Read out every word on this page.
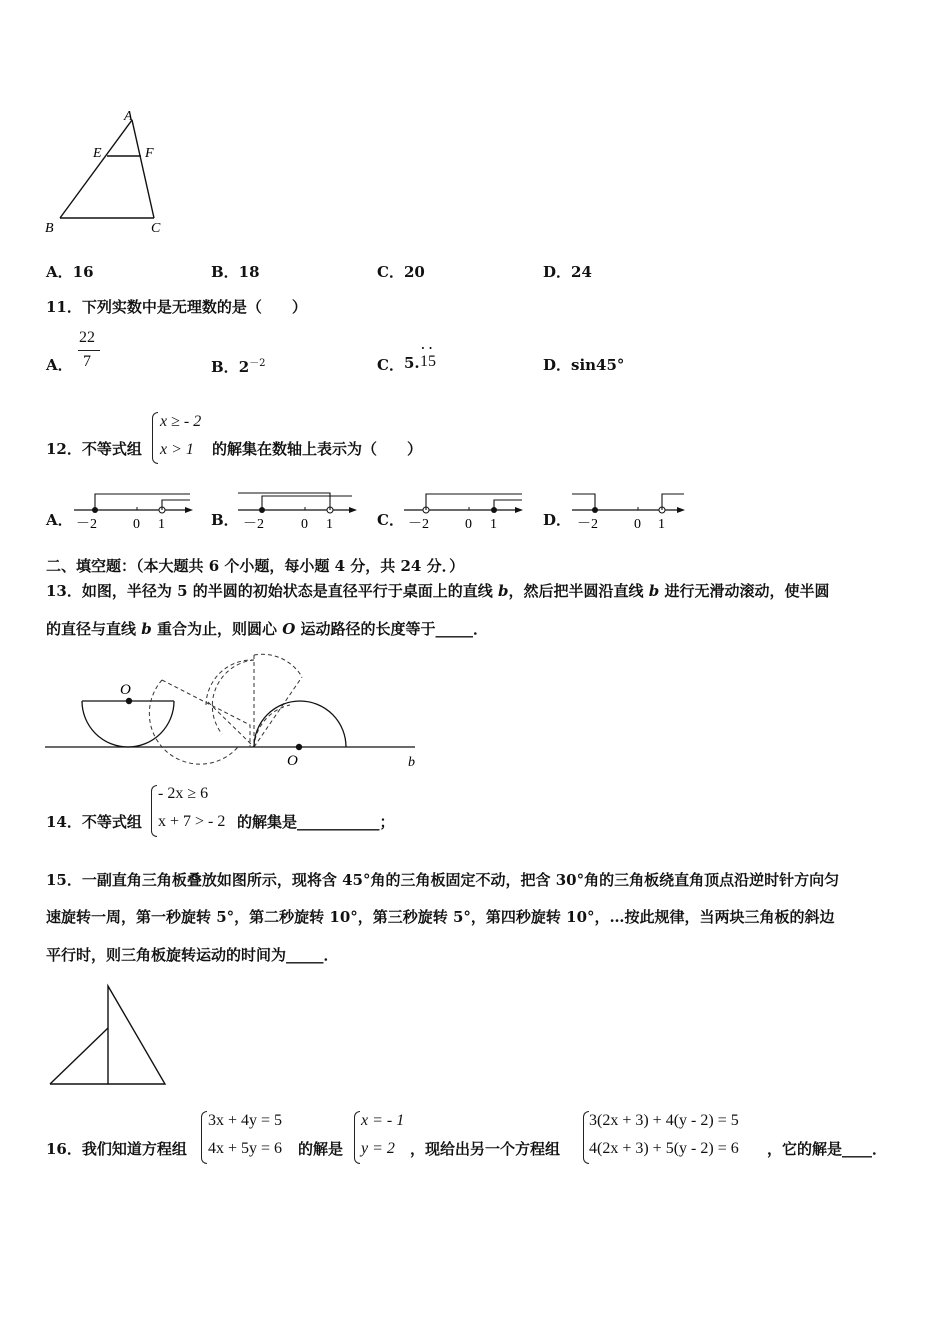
A
E	F
B	C
A．16	B．18	C．20	D．24
11．下列实数中是无理数的是（　　）
A．
22
7	B．$2^{-2}$	C． 5. 15
· ·
D．sin45°
12．不等式组
x ≥ - 2
x > 1 的解集在数轴上表示为（　　）
A．	B．	C．	D．
－2	0 1	－2	0 1	－2	0 1	－2	0 1
二、填空题：（本大题共 6 个小题，每小题 4 分，共 24 分．）
13．如图，半径为 5 的半圆的初始状态是直径平行于桌面上的直线 b，然后把半圆沿直线 b 进行无滑动滚动，使半圆
的直径与直线 b 重合为止，则圆心 O 运动路径的长度等于_____．
O
O	b
14．不等式组
- 2x ≥ 6
x + 7 > - 2 的解集是___________；
15．一副直角三角板叠放如图所示，现将含 45°角的三角板固定不动，把含 30°角的三角板绕直角顶点沿逆时针方向匀
速旋转一周，第一秒旋转 5°，第二秒旋转 10°，第三秒旋转 5°，第四秒旋转 10°，…按此规律，当两块三角板的斜边
平行时，则三角板旋转运动的时间为_____．
16．我们知道方程组
3x + 4y = 5
4x + 5y = 6 的解是
x = - 1
y = 2 ，现给出另一个方程组
3(2x + 3) + 4(y - 2) = 5
4(2x + 3) + 5(y - 2) = 6 ，它的解是____．
